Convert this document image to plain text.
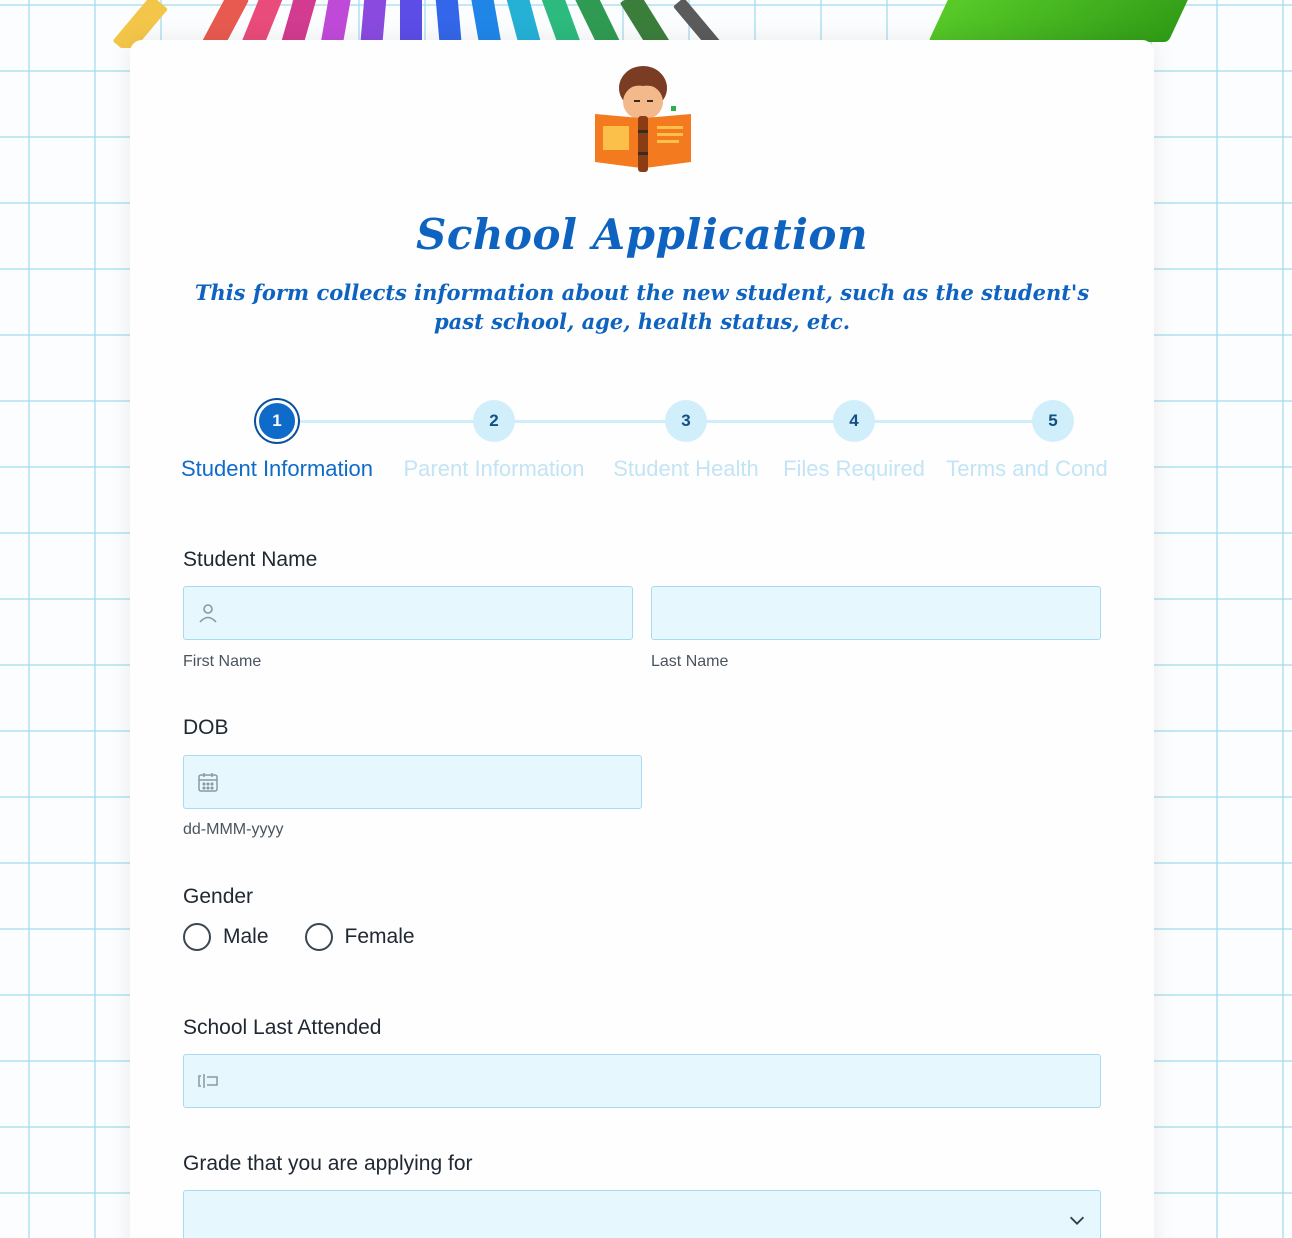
School Application
This form collects information about the new student, such as the student's past school, age, health status, etc.
1	2	3	4	5
Student Information Parent Information Student Health Files Required Terms and Cond
Student Name
First Name	Last Name
DOB
dd-MMM-yyyy
Gender
Male	Female
School Last Attended
Grade that you are applying for
